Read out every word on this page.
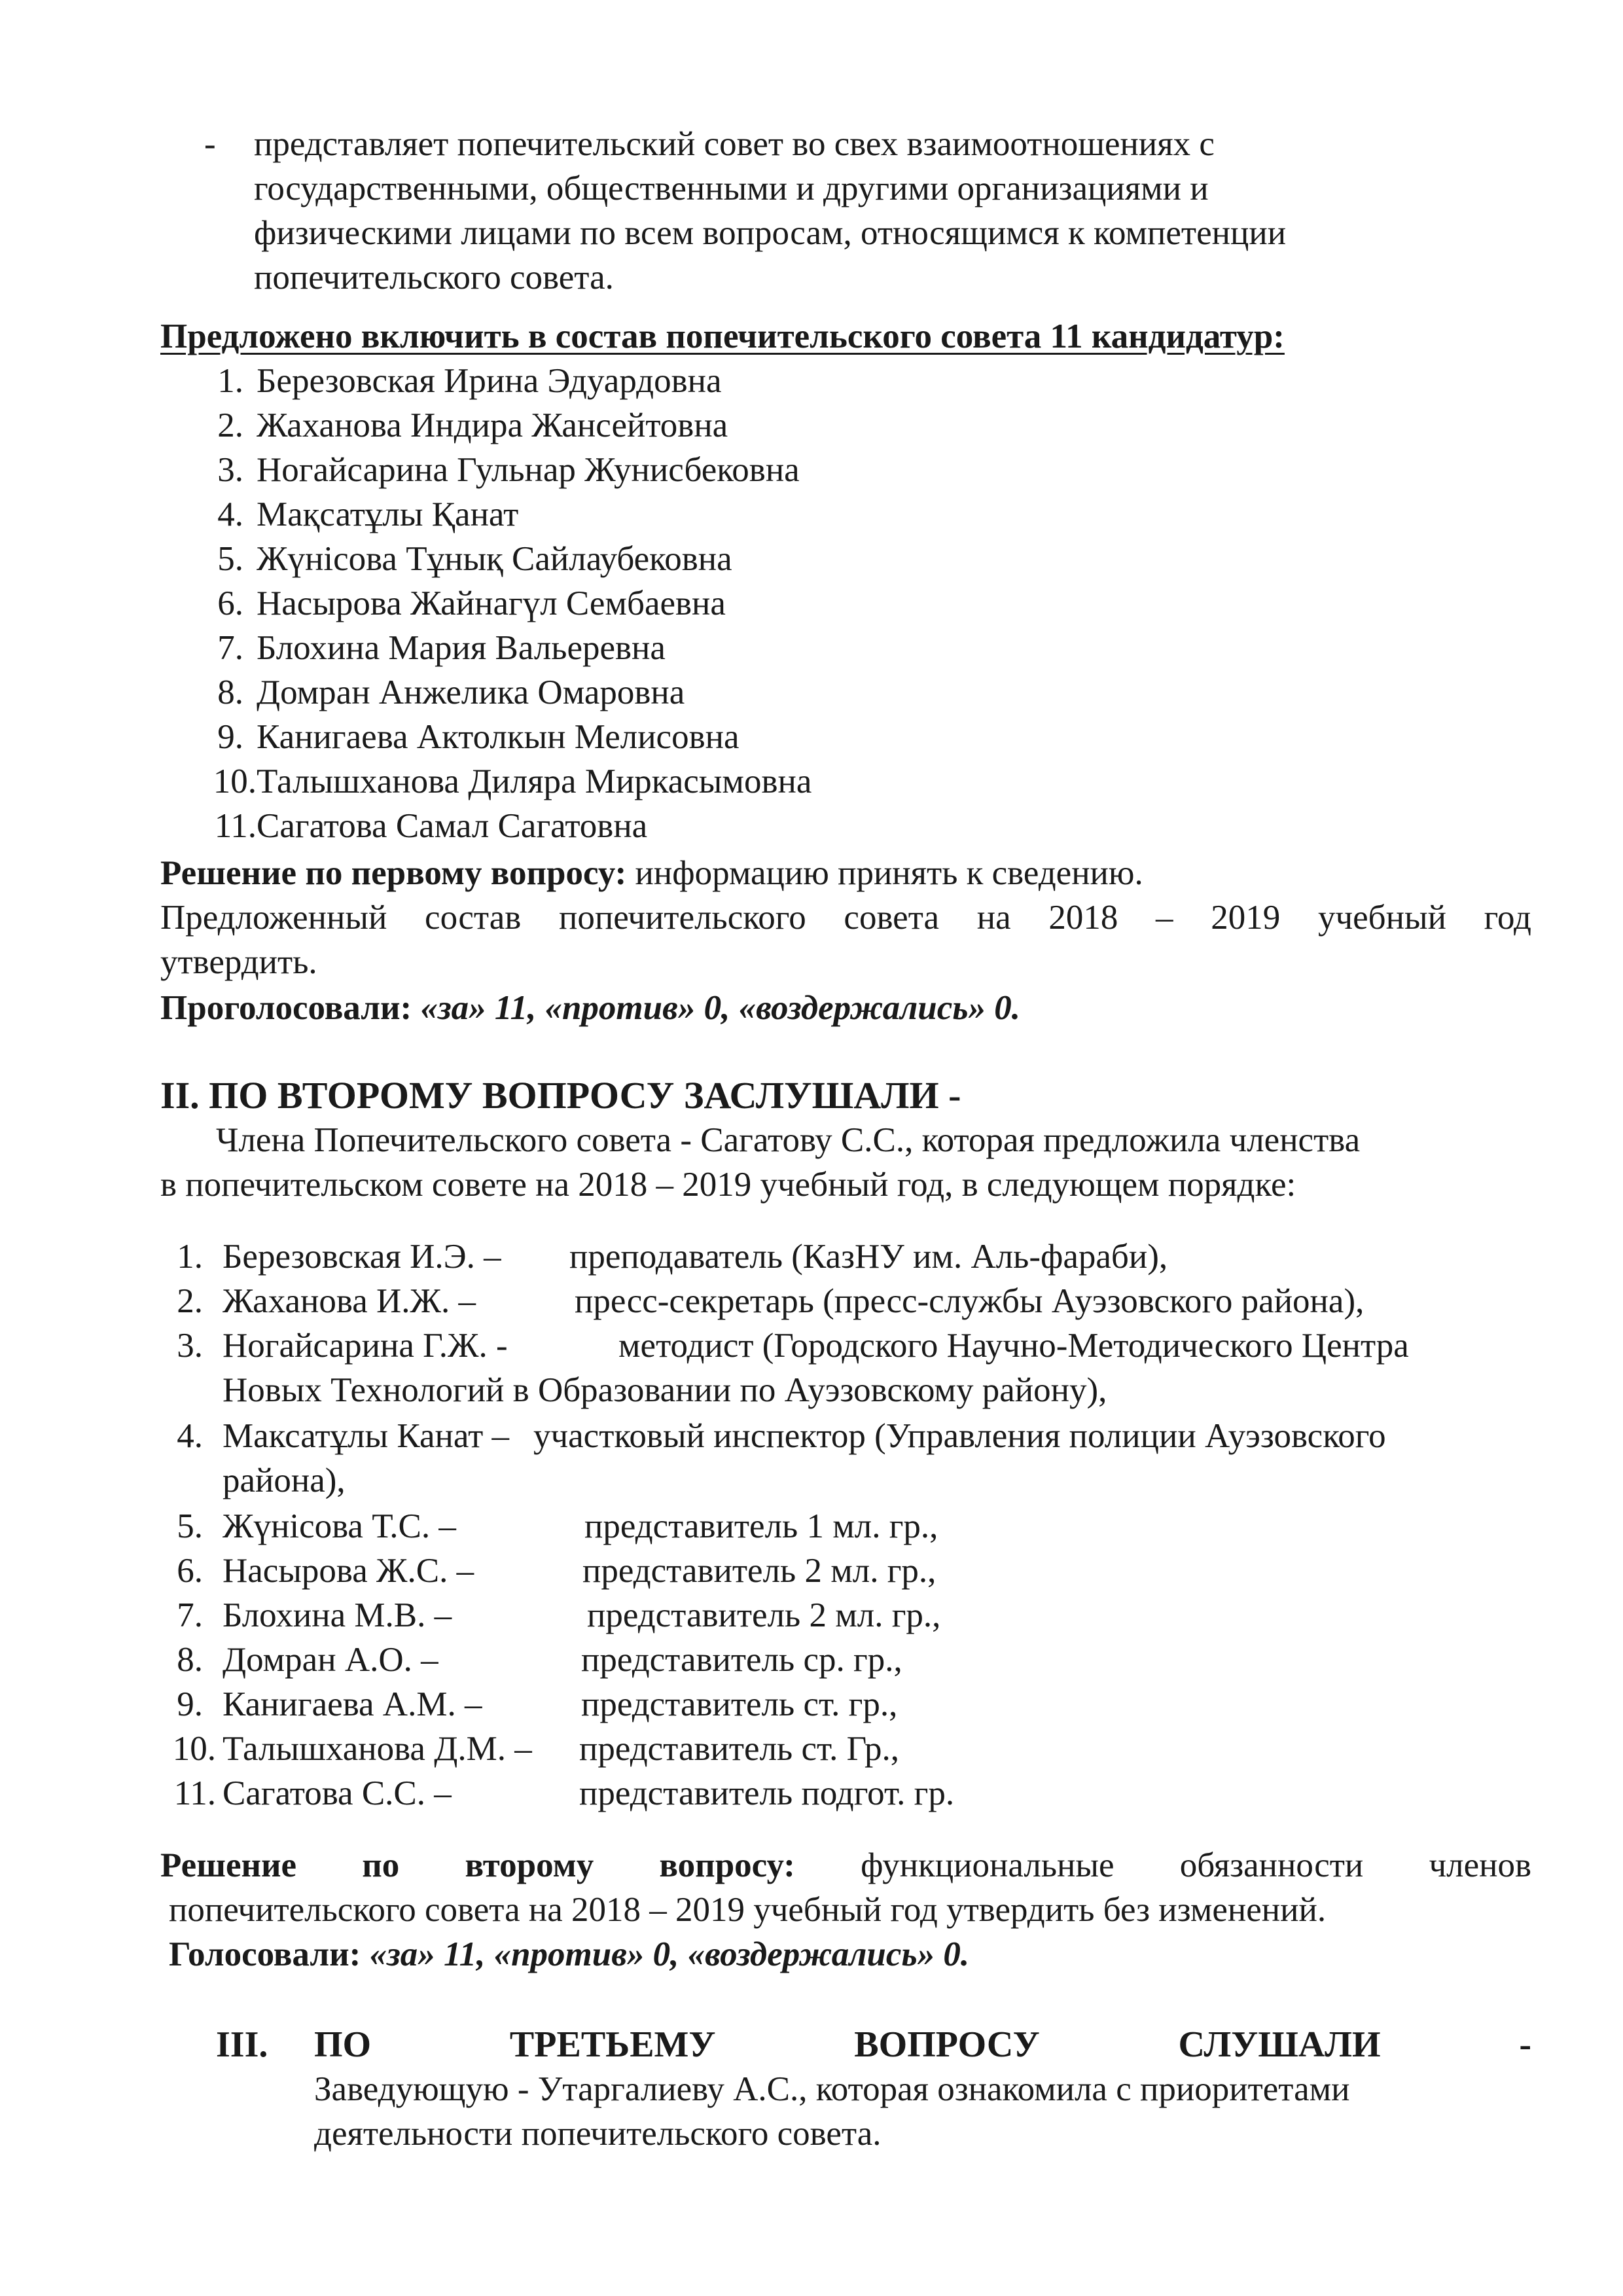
- представляет попечительский совет во свех взаимоотношениях с
государственными, общественными и другими организациями и
физическими лицами по всем вопросам, относящимся к компетенции
попечительского совета.
Предложено включить в состав попечительского совета 11 кандидатур:
1. Березовская Ирина Эдуардовна
2. Жаханова Индира Жансейтовна
3. Ногайсарина Гульнар Жунисбековна
4. Мақсатұлы Қанат
5. Жүнісова Тұнық Сайлаубековна
6. Насырова Жайнагүл Сембаевна
7. Блохина Мария Вальеревна
8. Домран Анжелика Омаровна
9. Канигаева Актолкын Мелисовна
10. Талышханова Диляра Миркасымовна
11. Сагатова Самал Сагатовна
Решение по первому вопросу: информацию принять к сведению.
Предложенный состав попечительского совета на 2018 – 2019 учебный год
утвердить.
Проголосовали: «за» 11, «против» 0, «воздержались» 0.
II. ПО ВТОРОМУ ВОПРОСУ ЗАСЛУШАЛИ -
Члена Попечительского совета - Сагатову С.С., которая предложила членства
в попечительском совете на 2018 – 2019 учебный год, в следующем порядке:
1. Березовская И.Э. – преподаватель (КазНУ им. Аль-фараби),
2. Жаханова И.Ж. –	пресс-секретарь (пресс-службы Ауэзовского района),
3. Ногайсарина Г.Ж. -	методист (Городского Научно-Методического Центра
Новых Технологий в Образовании по Ауэзовскому району),
4. Максатұлы Канат – участковый инспектор (Управления полиции Ауэзовского
района),
5. Жүнісова Т.С. –	представитель 1 мл. гр.,
6. Насырова Ж.С. –	представитель 2 мл. гр.,
7. Блохина М.В. –	представитель 2 мл. гр.,
8. Домран А.О. –	представитель ср. гр.,
9. Канигаева А.М. –	представитель ст. гр.,
10. Талышханова Д.М. – представитель ст. Гр.,
11. Сагатова С.С. –	представитель подгот. гр.
Решение по второму вопросу: функциональные обязанности членов
попечительского совета на 2018 – 2019 учебный год утвердить без изменений.
Голосовали: «за» 11, «против» 0, «воздержались» 0.
III. ПО	ТРЕТЬЕМУ	ВОПРОСУ	СЛУШАЛИ	-
Заведующую - Утаргалиеву А.С., которая ознакомила с приоритетами
деятельности попечительского совета.
